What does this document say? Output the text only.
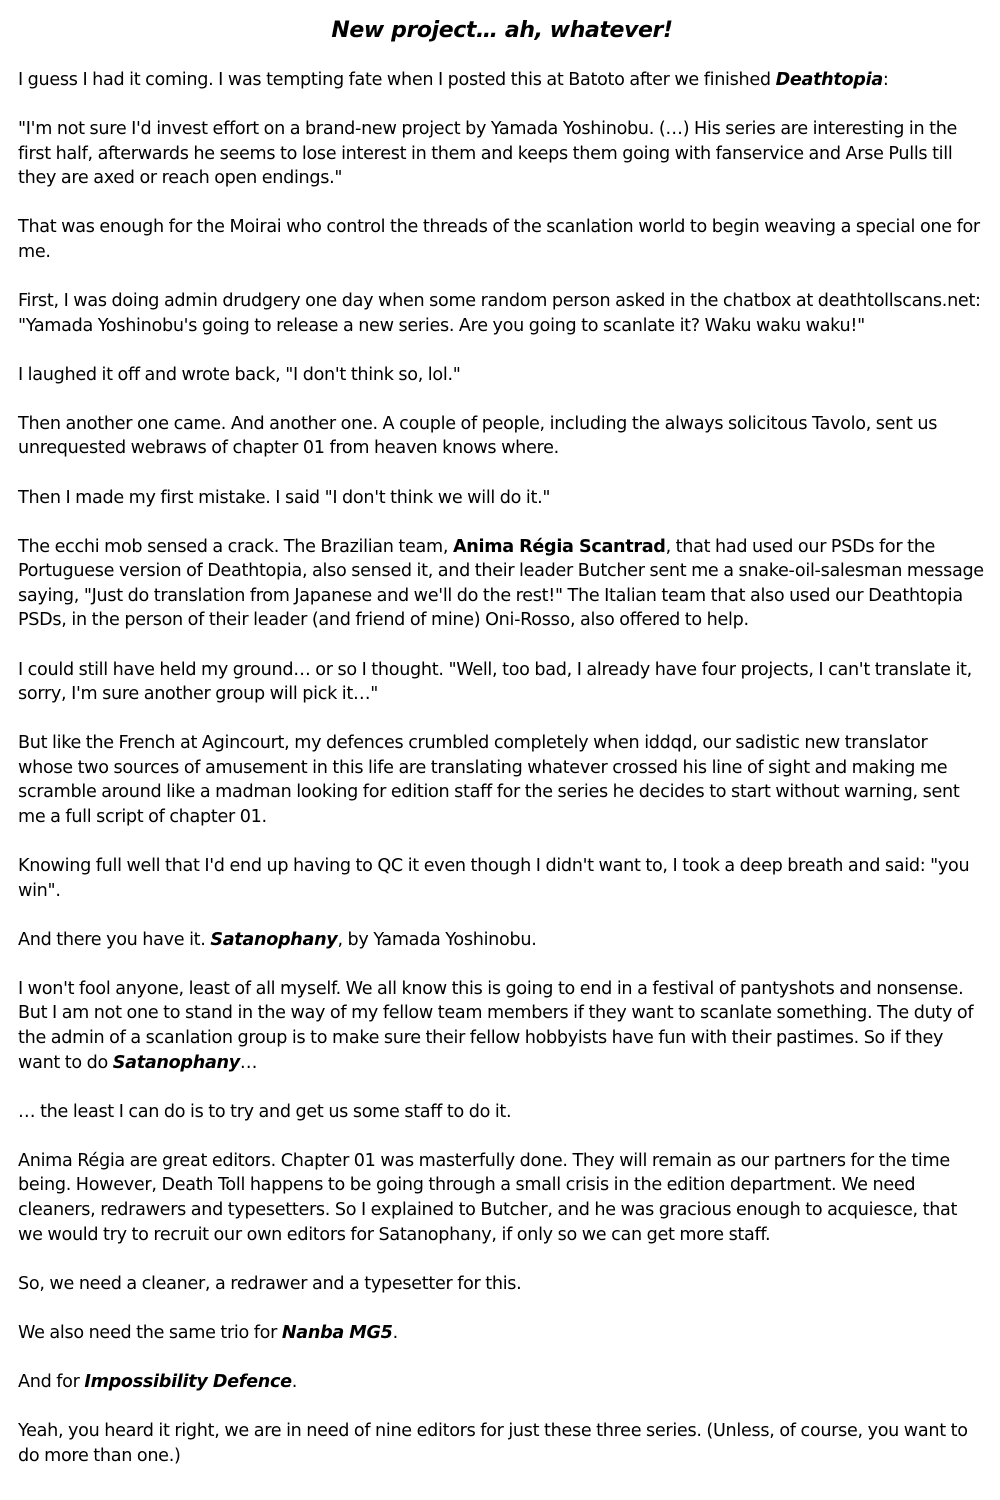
New project… ah, whatever!

I guess I had it coming. I was tempting fate when I posted this at Batoto after we finished Deathtopia:

"I'm not sure I'd invest effort on a brand-new project by Yamada Yoshinobu. (…) His series are interesting in the first half, afterwards he seems to lose interest in them and keeps them going with fanservice and Arse Pulls till they are axed or reach open endings."

That was enough for the Moirai who control the threads of the scanlation world to begin weaving a special one for me.

First, I was doing admin drudgery one day when some random person asked in the chatbox at deathtollscans.net: "Yamada Yoshinobu's going to release a new series. Are you going to scanlate it? Waku waku waku!"

I laughed it off and wrote back, "I don't think so, lol."

Then another one came. And another one. A couple of people, including the always solicitous Tavolo, sent us unrequested webraws of chapter 01 from heaven knows where.

Then I made my first mistake. I said "I don't think we will do it."

The ecchi mob sensed a crack. The Brazilian team, Anima Régia Scantrad, that had used our PSDs for the Portuguese version of Deathtopia, also sensed it, and their leader Butcher sent me a snake-oil-salesman message saying, "Just do translation from Japanese and we'll do the rest!" The Italian team that also used our Deathtopia PSDs, in the person of their leader (and friend of mine) Oni-Rosso, also offered to help.

I could still have held my ground… or so I thought. "Well, too bad, I already have four projects, I can't translate it, sorry, I'm sure another group will pick it…"

But like the French at Agincourt, my defences crumbled completely when iddqd, our sadistic new translator whose two sources of amusement in this life are translating whatever crossed his line of sight and making me scramble around like a madman looking for edition staff for the series he decides to start without warning, sent me a full script of chapter 01.

Knowing full well that I'd end up having to QC it even though I didn't want to, I took a deep breath and said: "you win".

And there you have it. Satanophany, by Yamada Yoshinobu.

I won't fool anyone, least of all myself. We all know this is going to end in a festival of pantyshots and nonsense. But I am not one to stand in the way of my fellow team members if they want to scanlate something. The duty of the admin of a scanlation group is to make sure their fellow hobbyists have fun with their pastimes. So if they want to do Satanophany…

… the least I can do is to try and get us some staff to do it.

Anima Régia are great editors. Chapter 01 was masterfully done. They will remain as our partners for the time being. However, Death Toll happens to be going through a small crisis in the edition department. We need cleaners, redrawers and typesetters. So I explained to Butcher, and he was gracious enough to acquiesce, that we would try to recruit our own editors for Satanophany, if only so we can get more staff.

So, we need a cleaner, a redrawer and a typesetter for this.

We also need the same trio for Nanba MG5.

And for Impossibility Defence.

Yeah, you heard it right, we are in need of nine editors for just these three series. (Unless, of course, you want to do more than one.)
